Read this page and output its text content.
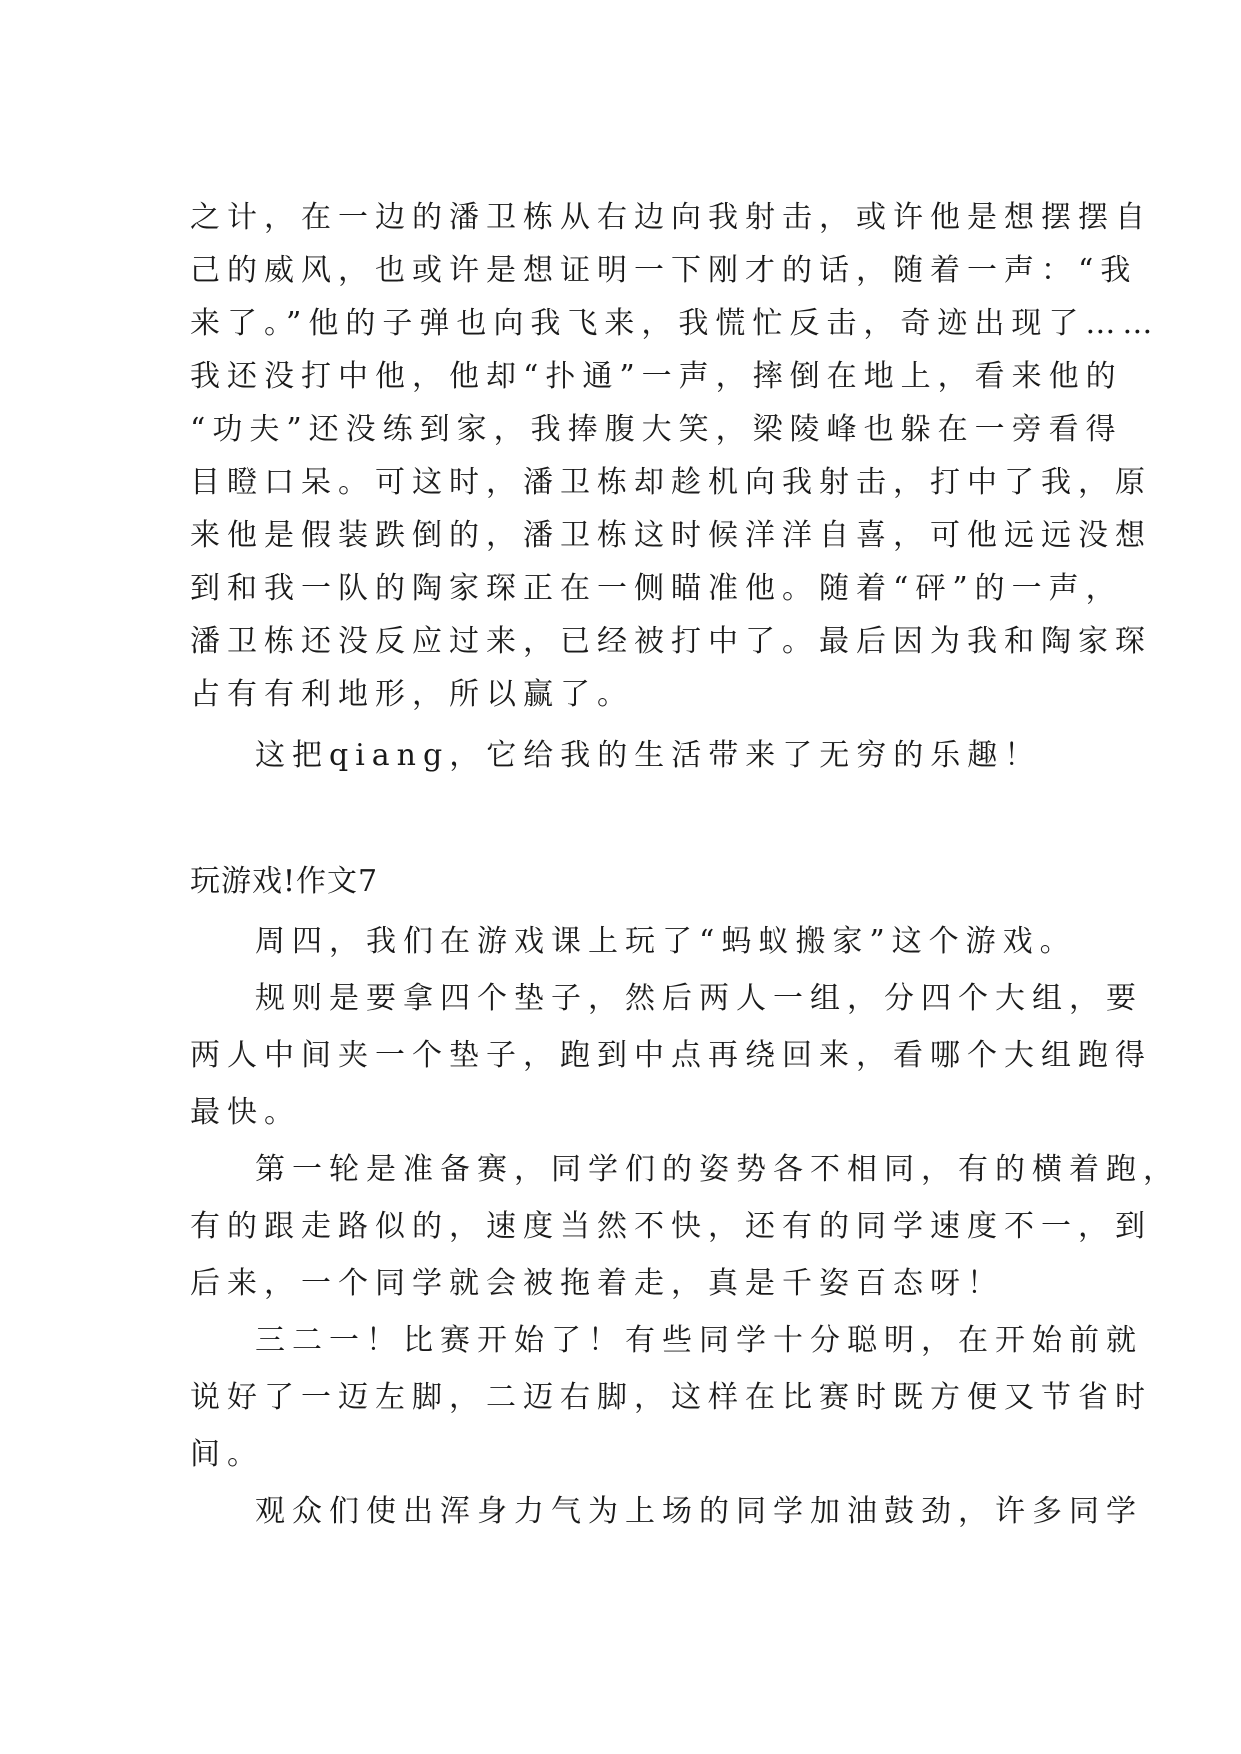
之计，在一边的潘卫栋从右边向我射击，或许他是想摆摆自
己的威风，也或许是想证明一下刚才的话，随着一声：“我
来了。”他的子弹也向我飞来，我慌忙反击，奇迹出现了……
我还没打中他，他却“扑通”一声，摔倒在地上，看来他的
“功夫”还没练到家，我捧腹大笑，梁陵峰也躲在一旁看得
目瞪口呆。可这时，潘卫栋却趁机向我射击，打中了我，原
来他是假装跌倒的，潘卫栋这时候洋洋自喜，可他远远没想
到和我一队的陶家琛正在一侧瞄准他。随着“砰”的一声，
潘卫栋还没反应过来，已经被打中了。最后因为我和陶家琛
占有有利地形，所以赢了。
这把qiang，它给我的生活带来了无穷的乐趣！
玩游戏!作文7
周四，我们在游戏课上玩了“蚂蚁搬家”这个游戏。
规则是要拿四个垫子，然后两人一组，分四个大组，要
两人中间夹一个垫子，跑到中点再绕回来，看哪个大组跑得
最快。
第一轮是准备赛，同学们的姿势各不相同，有的横着跑，
有的跟走路似的，速度当然不快，还有的同学速度不一，到
后来，一个同学就会被拖着走，真是千姿百态呀！
三二一！比赛开始了！有些同学十分聪明，在开始前就
说好了一迈左脚，二迈右脚，这样在比赛时既方便又节省时
间。
观众们使出浑身力气为上场的同学加油鼓劲，许多同学
